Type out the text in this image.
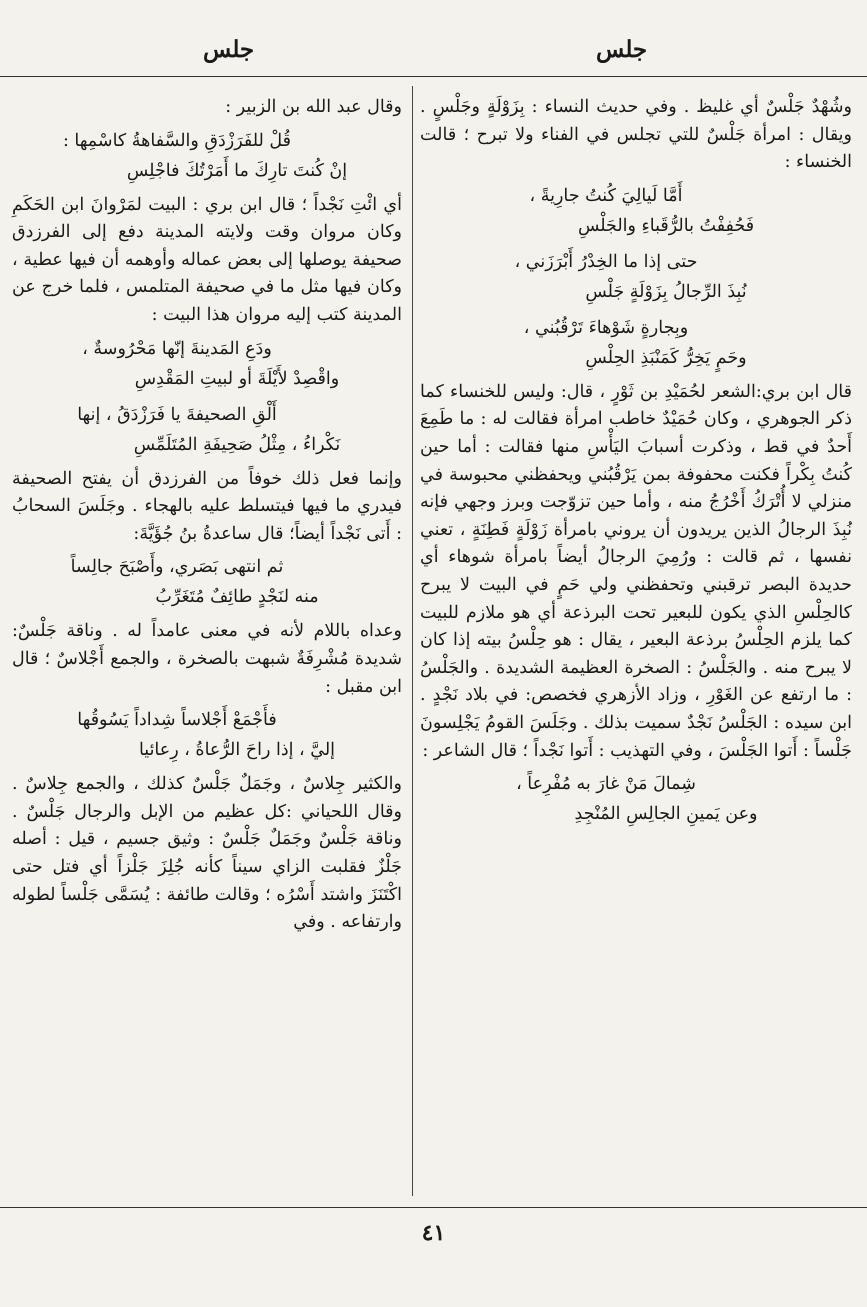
جلس
جلس

وشُهْدٌ جَلْسٌ أي غليظ . وفي حديث النساء : بِزَوْلَةٍ وجَلْسٍ . ويقال : امرأة جَلْسٌ للتي تجلس في الفناء ولا تبرح ؛ قالت الخنساء :

أَمَّا لَيالِيَ كُنتُ جارِيةً ،
فَحُفِفْتُ بالرُّقَباءِ والجَلْسِ
حتى إذا ما الخِدْرُ أَبْرَزَني ،
نُبِذَ الرِّجالُ بِزَوْلَةٍ جَلْسِ
وبِجارةٍ شَوْهاءَ تَرْقُبُني ،
وحَمٍ يَخِرُّ كَمَنْبَذِ الحِلْسِ

قال ابن بري:الشعر لحُمَيْدِ بن ثَوْرٍ ، قال: وليس للخنساء كما ذكر الجوهري ، وكان حُمَيْدٌ خاطب امرأة فقالت له : ما طَمِعَ أَحدٌ في قط ، وذكرت أسبابَ اليَأْسِ منها فقالت : أما حين كُنتُ بِكْراً فكنت محفوفة بمن يَرْقُبُني ويحفظني محبوسة في منزلي لا أُتْرَكُ أَخْرُجُ منه ، وأما حين تزوّجت وبرز وجهي فإنه نُبِذَ الرجالُ الذين يريدون أن يروني بامرأة زَوْلَةٍ فَطِنَةٍ ، تعني نفسها ، ثم قالت : ورُمِيَ الرجالُ أيضاً بامرأة شوهاء أي حديدة البصر ترقبني وتحفظني ولي حَمٍ في البيت لا يبرح كالحِلْسِ الذي يكون للبعير تحت البرذعة أي هو ملازم للبيت كما يلزم الحِلْسُ برذعة البعير ، يقال : هو حِلْسُ بيته إذا كان لا يبرح منه . والجَلْسُ : الصخرة العظيمة الشديدة . والجَلْسُ : ما ارتفع عن الغَوْرِ ، وزاد الأزهري فخصص: في بلاد نَجْدٍ . ابن سيده : الجَلْسُ نَجْدٌ سميت بذلك . وجَلَسَ القومُ يَجْلِسونَ جَلْساً : أَتوا الجَلْسَ ، وفي التهذيب : أَتوا نَجْداً ؛ قال الشاعر :

شِمالَ مَنْ غارَ به مُفْرِعاً ،
وعن يَمينِ الجالِسِ المُنْجِدِ

وقال عبد الله بن الزبير :

قُلْ للفَرَزْدَقِ والسَّفاهةُ كاسْمِها :
إنْ كُنتَ تارِكَ ما أَمَرْتُكَ فاجْلِسِ

أي ائْتِ نَجْداً ؛ قال ابن بري : البيت لمَرْوانَ ابن الحَكَمِ وكان مروان وقت ولايته المدينة دفع إلى الفرزدق صحيفة يوصلها إلى بعض عماله وأوهمه أن فيها عطية ، وكان فيها مثل ما في صحيفة المتلمس ، فلما خرج عن المدينة كتب إليه مروان هذا البيت :

ودَعِ المَدينةَ إنّها مَحْرُوسةٌ ،
واقْصِدْ لأَيْلَةَ أو لبيتِ المَقْدِسِ
أَلْقِ الصحيفةَ يا فَرَزْدَقُ ، إنها
نَكْراءُ ، مِثْلُ صَحِيفَةِ المُتَلَمِّسِ

وإنما فعل ذلك خوفاً من الفرزدق أن يفتح الصحيفة فيدري ما فيها فيتسلط عليه بالهجاء . وجَلَسَ السحابُ : أَتى نَجْداً أيضاً؛ قال ساعدةُ بنُ جُؤَيَّةَ:

ثم انتهى بَصَري، وأَصْبَحَ جالِساً
منه لنَجْدٍ طائِفٌ مُتَغَرِّبُ

وعداه باللام لأنه في معنى عامداً له . وناقة جَلْسٌ: شديدة مُشْرِفَةٌ شبهت بالصخرة ، والجمع أَجْلاسٌ ؛ قال ابن مقبل :

فأَجْمَعْ أَجْلاساً شِداداً يَسُوقُها
إليَّ ، إذا راحَ الرُّعاةُ ، رِعائيا

والكثير جِلاسٌ ، وجَمَلٌ جَلْسٌ كذلك ، والجمع جِلاسٌ . وقال اللحياني :كل عظيم من الإبل والرجال جَلْسٌ . وناقة جَلْسٌ وجَمَلٌ جَلْسٌ : وثيق جسيم ، قيل : أصله جَلْزٌ فقلبت الزاي سيناً كأنه جُلِزَ جَلْزاً أي فتل حتى اكْتَنَزَ واشتد أَسْرُه ؛ وقالت طائفة : يُسَمَّى جَلْساً لطوله وارتفاعه . وفي

٤١
